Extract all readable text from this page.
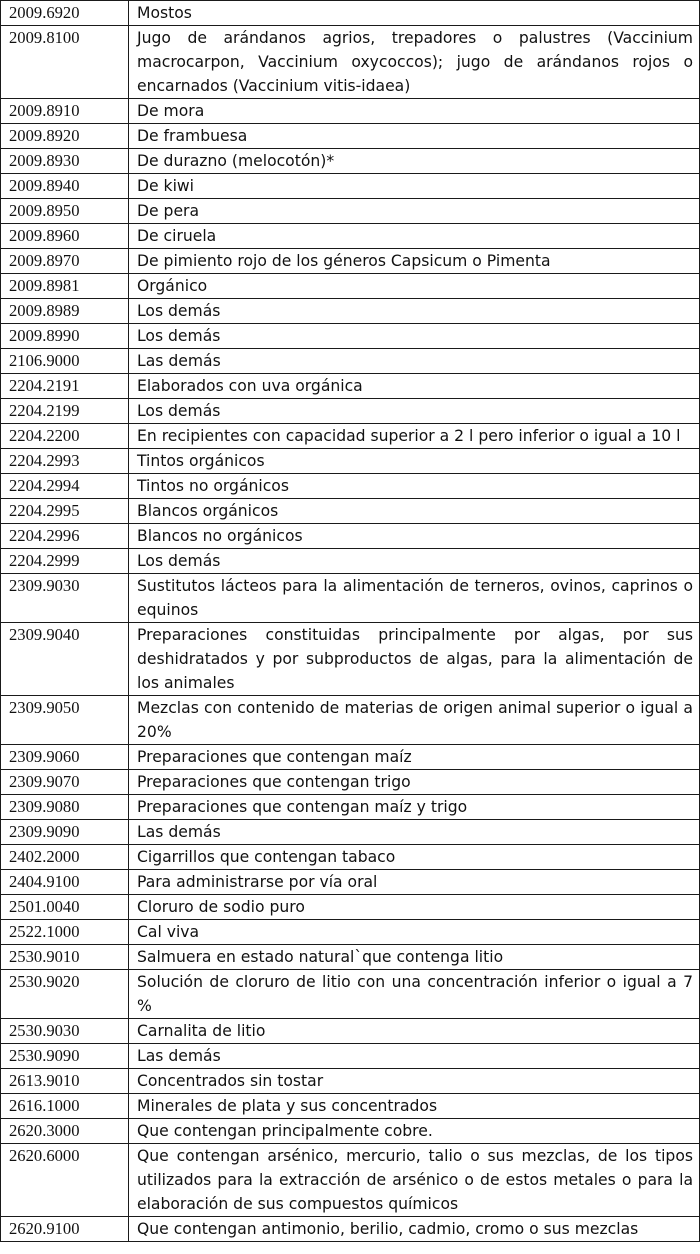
2009.6920	Mostos
2009.8100	Jugo de arándanos agrios, trepadores o palustres (Vaccinium macrocarpon, Vaccinium oxycoccos); jugo de arándanos rojos o encarnados (Vaccinium vitis-idaea)
2009.8910	De mora
2009.8920	De frambuesa
2009.8930	De durazno (melocotón)*
2009.8940	De kiwi
2009.8950	De pera
2009.8960	De ciruela
2009.8970	De pimiento rojo de los géneros Capsicum o Pimenta
2009.8981	Orgánico
2009.8989	Los demás
2009.8990	Los demás
2106.9000	Las demás
2204.2191	Elaborados con uva orgánica
2204.2199	Los demás
2204.2200	En recipientes con capacidad superior a 2 l pero inferior o igual a 10 l
2204.2993	Tintos orgánicos
2204.2994	Tintos no orgánicos
2204.2995	Blancos orgánicos
2204.2996	Blancos no orgánicos
2204.2999	Los demás
2309.9030	Sustitutos lácteos para la alimentación de terneros, ovinos, caprinos o equinos
2309.9040	Preparaciones constituidas principalmente por algas, por sus deshidratados y por subproductos de algas, para la alimentación de los animales
2309.9050	Mezclas con contenido de materias de origen animal superior o igual a 20%
2309.9060	Preparaciones que contengan maíz
2309.9070	Preparaciones que contengan trigo
2309.9080	Preparaciones que contengan maíz y trigo
2309.9090	Las demás
2402.2000	Cigarrillos que contengan tabaco
2404.9100	Para administrarse por vía oral
2501.0040	Cloruro de sodio puro
2522.1000	Cal viva
2530.9010	Salmuera en estado natural`que contenga litio
2530.9020	Solución de cloruro de litio con una concentración inferior o igual a 7 %
2530.9030	Carnalita de litio
2530.9090	Las demás
2613.9010	Concentrados sin tostar
2616.1000	Minerales de plata y sus concentrados
2620.3000	Que contengan principalmente cobre.
2620.6000	Que contengan arsénico, mercurio, talio o sus mezclas, de los tipos utilizados para la extracción de arsénico o de estos metales o para la elaboración de sus compuestos químicos
2620.9100	Que contengan antimonio, berilio, cadmio, cromo o sus mezclas
